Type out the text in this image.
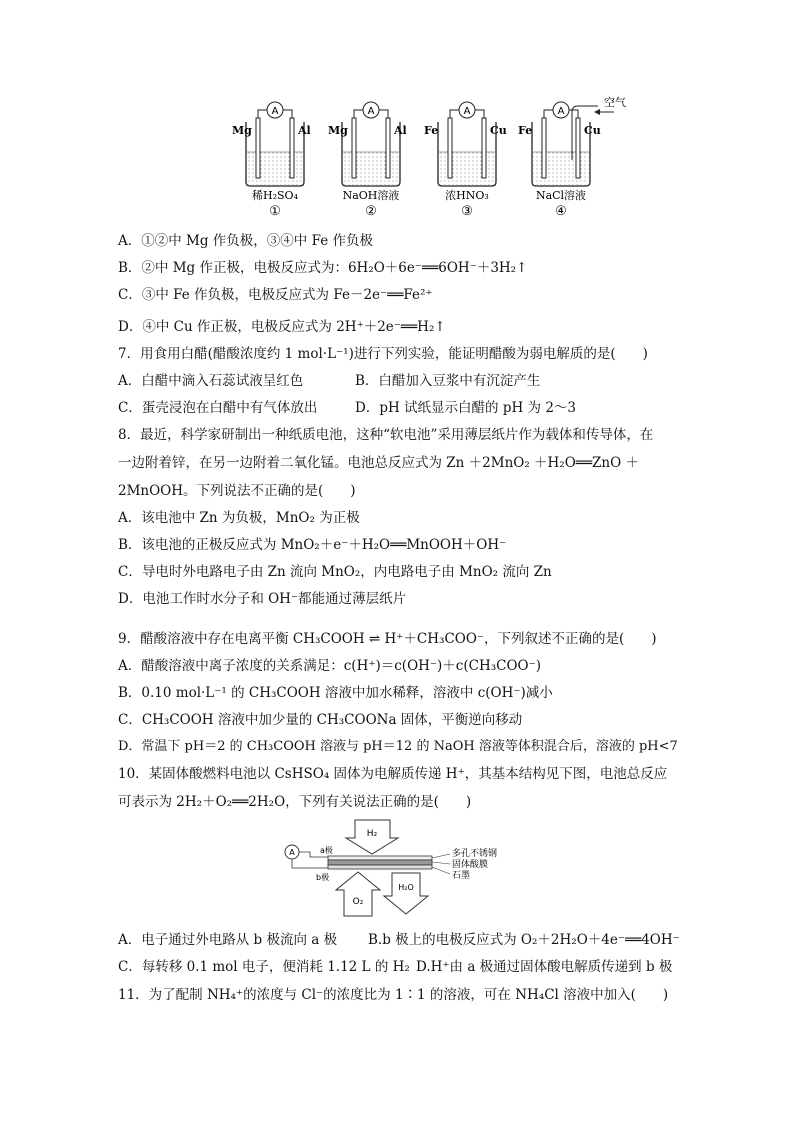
A
Mg	Al
稀H₂SO₄
①
A
Mg	Al
NaOH溶液
②
A
Fe	Cu
浓HNO₃
③
A
Fe	Cu
NaCl溶液
④
空气
A．①②中 Mg 作负极，③④中 Fe 作负极
B．②中 Mg 作正极，电极反应式为：6H₂O＋6e⁻══6OH⁻＋3H₂↑
C．③中 Fe 作负极，电极反应式为 Fe－2e⁻══Fe²⁺
D．④中 Cu 作正极，电极反应式为 2H⁺＋2e⁻══H₂↑
7．用食用白醋(醋酸浓度约 1 mol·L⁻¹)进行下列实验，能证明醋酸为弱电解质的是(　　)
A．白醋中滴入石蕊试液呈红色	B．白醋加入豆浆中有沉淀产生
C．蛋壳浸泡在白醋中有气体放出	D．pH 试纸显示白醋的 pH 为 2～3
8．最近，科学家研制出一种纸质电池，这种“软电池”采用薄层纸片作为载体和传导体，在
一边附着锌，在另一边附着二氧化锰。电池总反应式为 Zn ＋2MnO₂ ＋H₂O══ZnO ＋
2MnOOH。下列说法不正确的是(　　)
A．该电池中 Zn 为负极，MnO₂ 为正极
B．该电池的正极反应式为 MnO₂＋e⁻＋H₂O══MnOOH＋OH⁻
C．导电时外电路电子由 Zn 流向 MnO₂，内电路电子由 MnO₂ 流向 Zn
D．电池工作时水分子和 OH⁻都能通过薄层纸片
9．醋酸溶液中存在电离平衡 CH₃COOH ⇌ H⁺＋CH₃COO⁻，下列叙述不正确的是(　　)
A．醋酸溶液中离子浓度的关系满足：c(H⁺)＝c(OH⁻)＋c(CH₃COO⁻)
B．0.10 mol·L⁻¹ 的 CH₃COOH 溶液中加水稀释，溶液中 c(OH⁻)减小
C．CH₃COOH 溶液中加少量的 CH₃COONa 固体，平衡逆向移动
D．常温下 pH＝2 的 CH₃COOH 溶液与 pH＝12 的 NaOH 溶液等体积混合后，溶液的 pH<7
10．某固体酸燃料电池以 CsHSO₄ 固体为电解质传递 H⁺，其基本结构见下图，电池总反应
可表示为 2H₂＋O₂══2H₂O，下列有关说法正确的是(　　)
H₂
A	a极
b极
O₂
H₂O
多孔不锈钢
固体酸膜
石墨
A．电子通过外电路从 b 极流向 a 极 B.b 极上的电极反应式为 O₂＋2H₂O＋4e⁻══4OH⁻
C．每转移 0.1 mol 电子，便消耗 1.12 L 的 H₂ D.H⁺由 a 极通过固体酸电解质传递到 b 极
11．为了配制 NH₄⁺的浓度与 Cl⁻的浓度比为 1∶1 的溶液，可在 NH₄Cl 溶液中加入(　　)
